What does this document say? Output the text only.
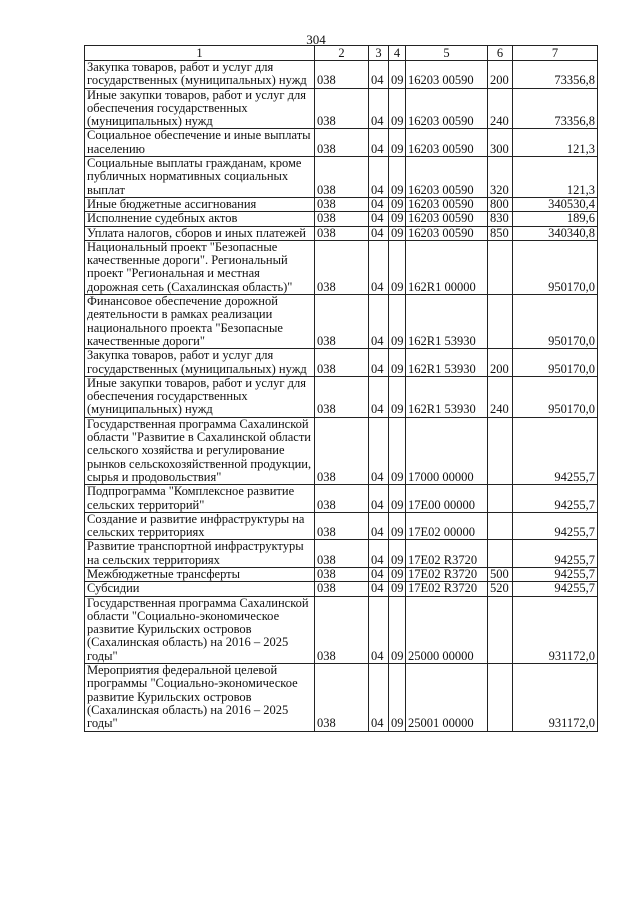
304
1	2	3	4	5	6	7
Закупка товаров, работ и услуг для государственных (муниципальных) нужд	038	04	09	16203 00590	200	73356,8
Иные закупки товаров, работ и услуг для обеспечения государственных (муниципальных) нужд	038	04	09	16203 00590	240	73356,8
Социальное обеспечение и иные выплаты населению	038	04	09	16203 00590	300	121,3
Социальные выплаты гражданам, кроме публичных нормативных социальных выплат	038	04	09	16203 00590	320	121,3
Иные бюджетные ассигнования	038	04	09	16203 00590	800	340530,4
Исполнение судебных актов	038	04	09	16203 00590	830	189,6
Уплата налогов, сборов и иных платежей	038	04	09	16203 00590	850	340340,8
Национальный проект "Безопасные качественные дороги". Региональный проект "Региональная и местная дорожная сеть (Сахалинская область)"	038	04	09	162R1 00000		950170,0
Финансовое обеспечение дорожной деятельности в рамках реализации национального проекта "Безопасные качественные дороги"	038	04	09	162R1 53930		950170,0
Закупка товаров, работ и услуг для государственных (муниципальных) нужд	038	04	09	162R1 53930	200	950170,0
Иные закупки товаров, работ и услуг для обеспечения государственных (муниципальных) нужд	038	04	09	162R1 53930	240	950170,0
Государственная программа Сахалинской области "Развитие в Сахалинской области сельского хозяйства и регулирование рынков сельскохозяйственной продукции, сырья и продовольствия"	038	04	09	17000 00000		94255,7
Подпрограмма "Комплексное развитие сельских территорий"	038	04	09	17Е00 00000		94255,7
Создание и развитие инфраструктуры на сельских территориях	038	04	09	17Е02 00000		94255,7
Развитие транспортной инфраструктуры на сельских территориях	038	04	09	17Е02 R3720		94255,7
Межбюджетные трансферты	038	04	09	17Е02 R3720	500	94255,7
Субсидии	038	04	09	17Е02 R3720	520	94255,7
Государственная программа Сахалинской области "Социально-экономическое развитие Курильских островов (Сахалинская область) на 2016 – 2025 годы"	038	04	09	25000 00000		931172,0
Мероприятия федеральной целевой программы "Социально-экономическое развитие Курильских островов (Сахалинская область) на 2016 – 2025 годы"	038	04	09	25001 00000		931172,0
